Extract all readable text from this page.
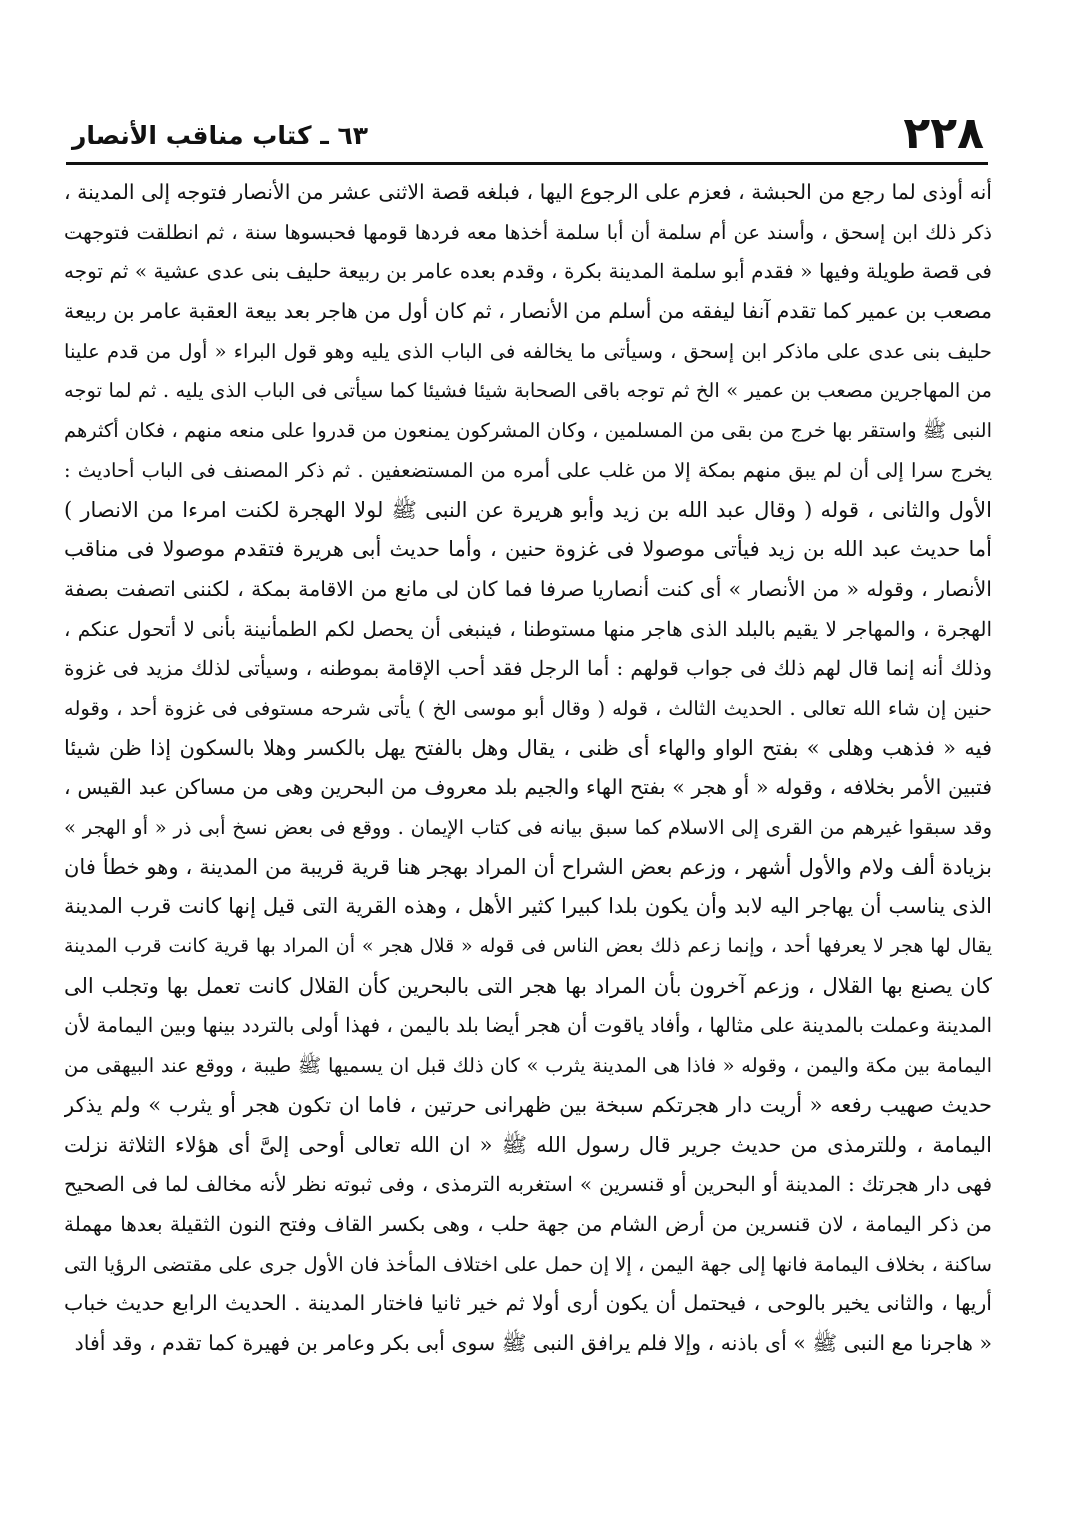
٢٢٨
٦٣ ـ كتاب مناقب الأنصار
أنه أوذى لما رجع من الحبشة ، فعزم على الرجوع اليها ، فبلغه قصة الاثنى عشر من الأنصار فتوجه إلى المدينة ،
ذكر ذلك ابن إسحق ، وأسند عن أم سلمة أن أبا سلمة أخذها معه فردها قومها فحبسوها سنة ، ثم انطلقت فتوجهت
فى قصة طويلة وفيها « فقدم أبو سلمة المدينة بكرة ، وقدم بعده عامر بن ربيعة حليف بنى عدى عشية » ثم توجه
مصعب بن عمير كما تقدم آنفا ليفقه من أسلم من الأنصار ، ثم كان أول من هاجر بعد بيعة العقبة عامر بن ربيعة
حليف بنى عدى على ماذكر ابن إسحق ، وسيأتى ما يخالفه فى الباب الذى يليه وهو قول البراء « أول من قدم علينا
من المهاجرين مصعب بن عمير » الخ ثم توجه باقى الصحابة شيئا فشيئا كما سيأتى فى الباب الذى يليه . ثم لما توجه
النبى ﷺ واستقر بها خرج من بقى من المسلمين ، وكان المشركون يمنعون من قدروا على منعه منهم ، فكان أكثرهم
يخرج سرا إلى أن لم يبق منهم بمكة إلا من غلب على أمره من المستضعفين . ثم ذكر المصنف فى الباب أحاديث :
الأول والثانى ، قوله ( وقال عبد الله بن زيد وأبو هريرة عن النبى ﷺ لولا الهجرة لكنت امرءا من الانصار )
أما حديث عبد الله بن زيد فيأتى موصولا فى غزوة حنين ، وأما حديث أبى هريرة فتقدم موصولا فى مناقب
الأنصار ، وقوله « من الأنصار » أى كنت أنصاريا صرفا فما كان لى مانع من الاقامة بمكة ، لكننى اتصفت بصفة
الهجرة ، والمهاجر لا يقيم بالبلد الذى هاجر منها مستوطنا ، فينبغى أن يحصل لكم الطمأنينة بأنى لا أتحول عنكم ،
وذلك أنه إنما قال لهم ذلك فى جواب قولهم : أما الرجل فقد أحب الإقامة بموطنه ، وسيأتى لذلك مزيد فى غزوة
حنين إن شاء الله تعالى . الحديث الثالث ، قوله ( وقال أبو موسى الخ ) يأتى شرحه مستوفى فى غزوة أحد ، وقوله
فيه « فذهب وهلى » بفتح الواو والهاء أى ظنى ، يقال وهل بالفتح يهل بالكسر وهلا بالسكون إذا ظن شيئا
فتبين الأمر بخلافه ، وقوله « أو هجر » بفتح الهاء والجيم بلد معروف من البحرين وهى من مساكن عبد القيس ،
وقد سبقوا غيرهم من القرى إلى الاسلام كما سبق بيانه فى كتاب الإيمان . ووقع فى بعض نسخ أبى ذر « أو الهجر »
بزيادة ألف ولام والأول أشهر ، وزعم بعض الشراح أن المراد بهجر هنا قرية قريبة من المدينة ، وهو خطأ فان
الذى يناسب أن يهاجر اليه لابد وأن يكون بلدا كبيرا كثير الأهل ، وهذه القرية التى قيل إنها كانت قرب المدينة
يقال لها هجر لا يعرفها أحد ، وإنما زعم ذلك بعض الناس فى قوله « قلال هجر » أن المراد بها قرية كانت قرب المدينة
كان يصنع بها القلال ، وزعم آخرون بأن المراد بها هجر التى بالبحرين كأن القلال كانت تعمل بها وتجلب الى
المدينة وعملت بالمدينة على مثالها ، وأفاد ياقوت أن هجر أيضا بلد باليمن ، فهذا أولى بالتردد بينها وبين اليمامة لأن
اليمامة بين مكة واليمن ، وقوله « فاذا هى المدينة يثرب » كان ذلك قبل ان يسميها ﷺ طيبة ، ووقع عند البيهقى من
حديث صهيب رفعه « أريت دار هجرتكم سبخة بين ظهرانى حرتين ، فاما ان تكون هجر أو يثرب » ولم يذكر
اليمامة ، وللترمذى من حديث جرير قال رسول الله ﷺ « ان الله تعالى أوحى إلىَّ أى هؤلاء الثلاثة نزلت
فهى دار هجرتك : المدينة أو البحرين أو قنسرين » استغربه الترمذى ، وفى ثبوته نظر لأنه مخالف لما فى الصحيح
من ذكر اليمامة ، لان قنسرين من أرض الشام من جهة حلب ، وهى بكسر القاف وفتح النون الثقيلة بعدها مهملة
ساكنة ، بخلاف اليمامة فانها إلى جهة اليمن ، إلا إن حمل على اختلاف المأخذ فان الأول جرى على مقتضى الرؤيا التى
أريها ، والثانى يخير بالوحى ، فيحتمل أن يكون أرى أولا ثم خير ثانيا فاختار المدينة . الحديث الرابع حديث خباب
« هاجرنا مع النبى ﷺ » أى باذنه ، وإلا فلم يرافق النبى ﷺ سوى أبى بكر وعامر بن فهيرة كما تقدم ، وقد أفاد
